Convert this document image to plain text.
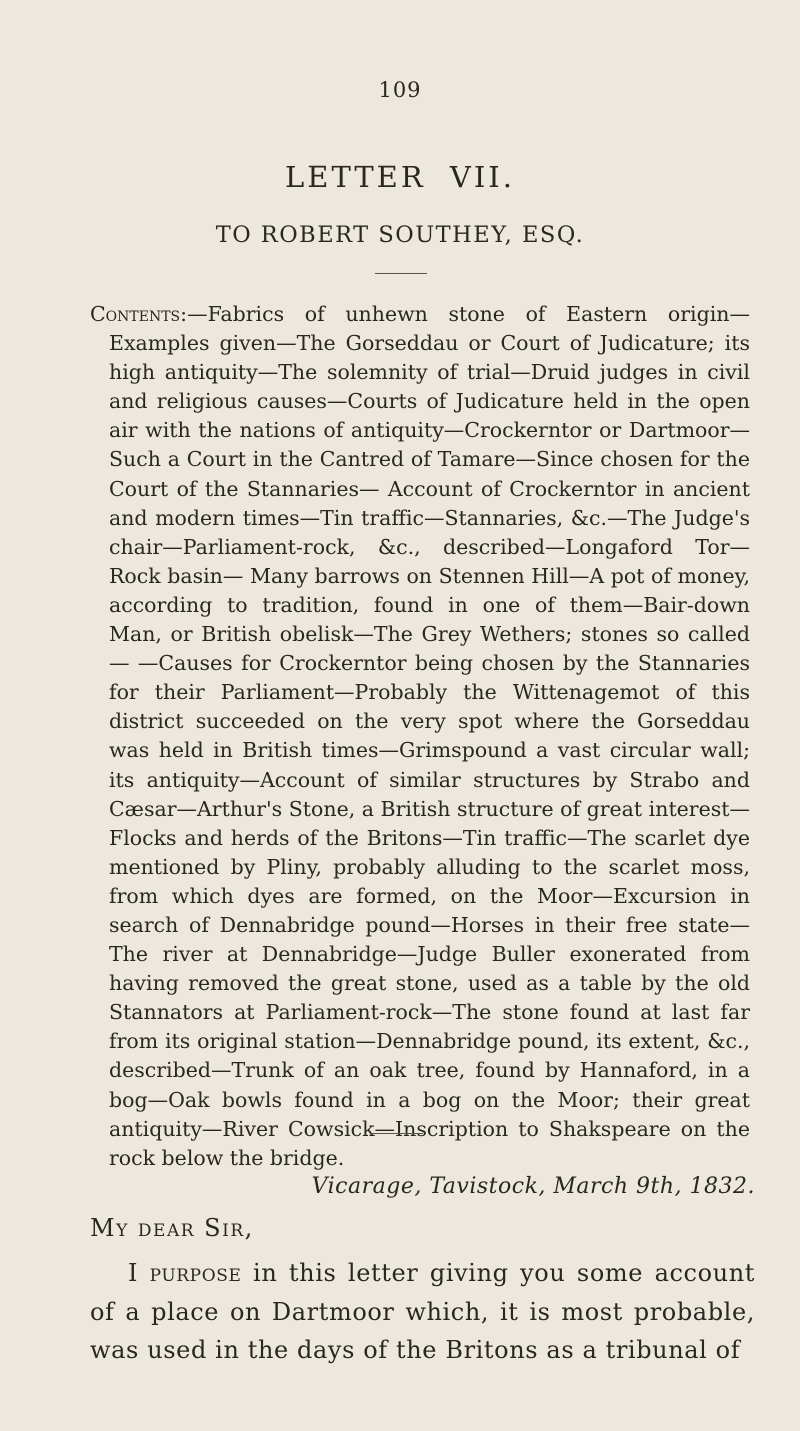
109
LETTER VII.
TO ROBERT SOUTHEY, ESQ.

Contents:—Fabrics of unhewn stone of Eastern origin—Examples given—The Gorseddau or Court of Judicature; its high antiquity—The solemnity of trial—Druid judges in civil and religious causes—Courts of Judicature held in the open air with the nations of antiquity—Crockerntor or Dartmoor—Such a Court in the Cantred of Tamare—Since chosen for the Court of the Stannaries— Account of Crockerntor in ancient and modern times—Tin traffic—Stannaries, &c.—The Judge's chair—Parliament-rock, &c., described—Longaford Tor—Rock basin— Many barrows on Stennen Hill—A pot of money, according to tradition, found in one of them—Bair-down Man, or British obelisk—The Grey Wethers; stones so called— —Causes for Crockerntor being chosen by the Stannaries for their Parliament—Probably the Wittenagemot of this district succeeded on the very spot where the Gorseddau was held in British times—Grimspound a vast circular wall; its antiquity—Account of similar structures by Strabo and Cæsar—Arthur's Stone, a British structure of great interest—Flocks and herds of the Britons—Tin traffic—The scarlet dye mentioned by Pliny, probably alluding to the scarlet moss, from which dyes are formed, on the Moor—Excursion in search of Dennabridge pound—Horses in their free state—The river at Dennabridge—Judge Buller exonerated from having removed the great stone, used as a table by the old Stannators at Parliament-rock—The stone found at last far from its original station—Dennabridge pound, its extent, &c., described—Trunk of an oak tree, found by Hannaford, in a bog—Oak bowls found in a bog on the Moor; their great antiquity—River Cowsick—Inscription to Shakspeare on the rock below the bridge.

Vicarage, Tavistock, March 9th, 1832.
My dear Sir,

I purpose in this letter giving you some account of a place on Dartmoor which, it is most probable, was used in the days of the Britons as a tribunal of
